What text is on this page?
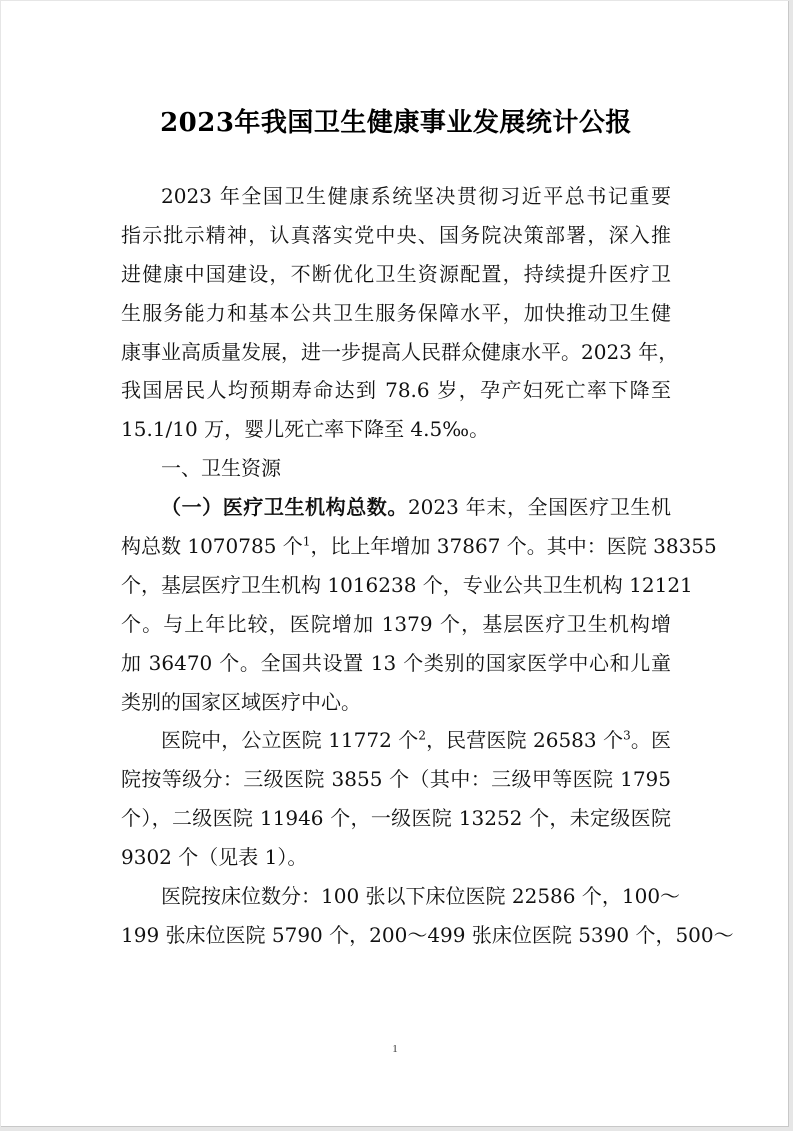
2023年我国卫生健康事业发展统计公报
2023 年全国卫生健康系统坚决贯彻习近平总书记重要
指示批示精神，认真落实党中央、国务院决策部署，深入推
进健康中国建设，不断优化卫生资源配置，持续提升医疗卫
生服务能力和基本公共卫生服务保障水平，加快推动卫生健
康事业高质量发展，进一步提高人民群众健康水平。2023 年，
我国居民人均预期寿命达到 78.6 岁，孕产妇死亡率下降至
15.1/10 万，婴儿死亡率下降至 4.5‰。
一、卫生资源
（一）医疗卫生机构总数。2023 年末，全国医疗卫生机
构总数 1070785 个$^1$，比上年增加 37867 个。其中：医院 38355
个，基层医疗卫生机构 1016238 个，专业公共卫生机构 12121
个。与上年比较，医院增加 1379 个，基层医疗卫生机构增
加 36470 个。全国共设置 13 个类别的国家医学中心和儿童
类别的国家区域医疗中心。
医院中，公立医院 11772 个$^2$，民营医院 26583 个$^3$。医
院按等级分：三级医院 3855 个（其中：三级甲等医院 1795
个），二级医院 11946 个，一级医院 13252 个，未定级医院
9302 个（见表 1）。
医院按床位数分：100 张以下床位医院 22586 个，100～
199 张床位医院 5790 个，200～499 张床位医院 5390 个，500～
1
